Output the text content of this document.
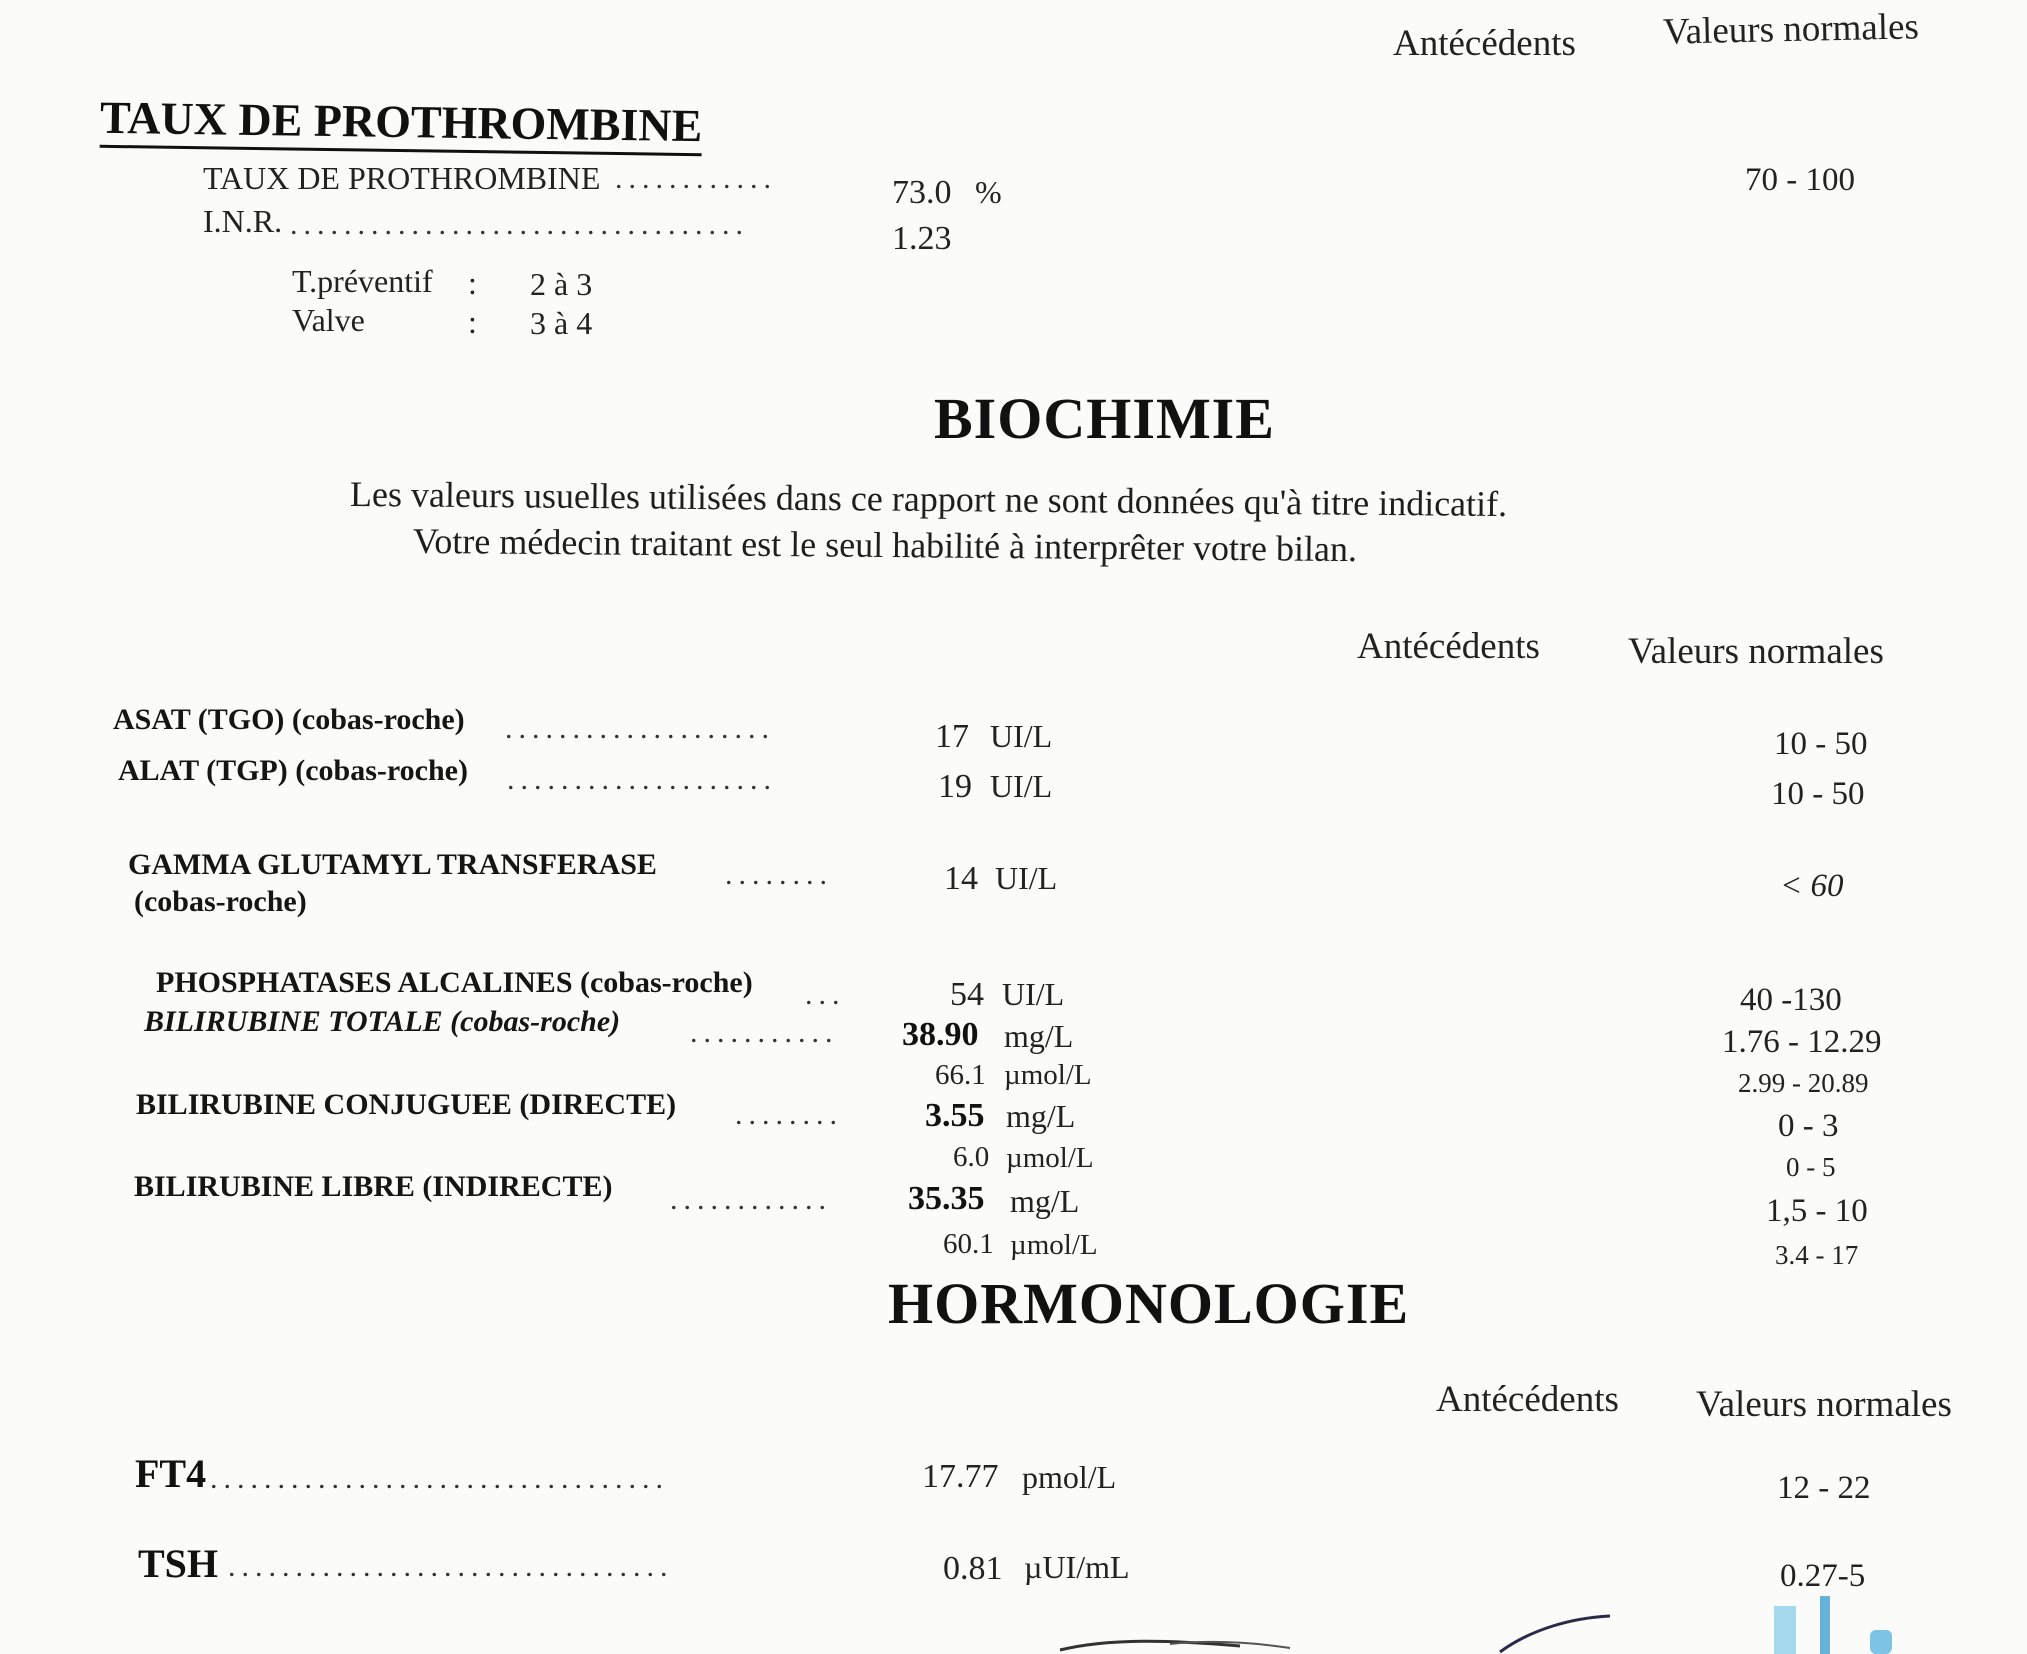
Antécédents Valeurs normales
TAUX DE PROTHROMBINE
TAUX DE PROTHROMBINE ............	73.0 %	70 - 100
I.N.R. ..................................	1.23
T.préventif : 2 à 3
Valve	: 3 à 4
BIOCHIMIE
Les valeurs usuelles utilisées dans ce rapport ne sont données qu'à titre indicatif.
Votre médecin traitant est le seul habilité à interprêter votre bilan.
Antécédents Valeurs normales
ASAT (TGO) (cobas-roche) ....................	17 UI/L	10 - 50
ALAT (TGP) (cobas-roche) ....................	19 UI/L	10 - 50
GAMMA GLUTAMYL TRANSFERASE
(cobas-roche)
........	14 UI/L	< 60
PHOSPHATASES ALCALINES (cobas-roche) ...	54 UI/L	40 -130
BILIRUBINE TOTALE (cobas-roche) ........... 38.90 mg/L	1.76 - 12.29
66.1 µmol/L	2.99 - 20.89
BILIRUBINE CONJUGUEE (DIRECTE) ........ 3.55 mg/L	0 - 3
6.0 µmol/L	0 - 5
BILIRUBINE LIBRE (INDIRECTE) ............ 35.35 mg/L	1,5 - 10
60.1 µmol/L	3.4 - 17
HORMONOLOGIE
Antécédents Valeurs normales
FT4 ..................................	17.77 pmol/L	12 - 22
TSH .................................	0.81 µUI/mL	0.27-5
